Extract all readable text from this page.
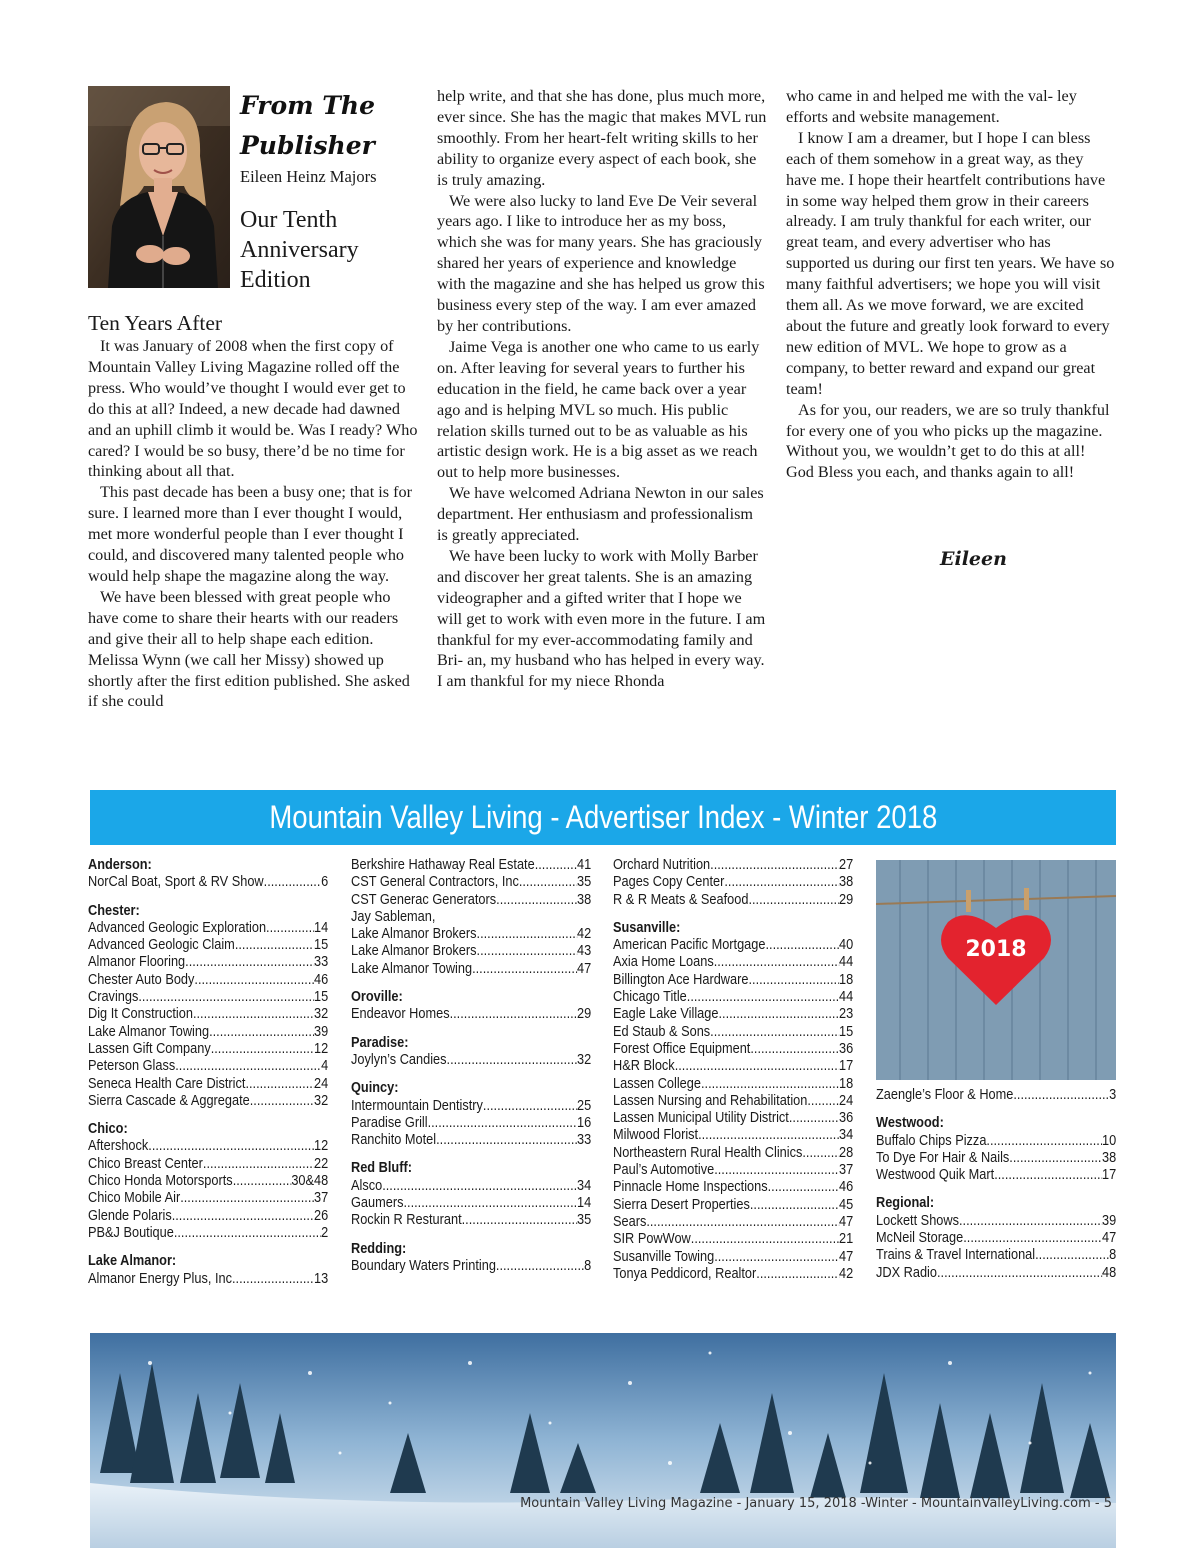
From The
Publisher
Eileen Heinz Majors
Our Tenth
Anniversary
Edition
Ten Years After

It was January of 2008 when the first copy of Mountain Valley Living Magazine rolled off the press. Who would’ve thought I would ever get to do this at all? Indeed, a new decade had dawned and an uphill climb it would be. Was I ready? Who cared? I would be so busy, there’d be no time for thinking about all that.

This past decade has been a busy one; that is for sure. I learned more than I ever thought I would, met more wonderful people than I ever thought I could, and discovered many talented people who would help shape the magazine along the way.

We have been blessed with great people who have come to share their hearts with our readers and give their all to help shape each edition. Melissa Wynn (we call her Missy) showed up shortly after the first edition published. She asked if she could

help write, and that she has done, plus much more, ever since. She has the magic that makes MVL run smoothly. From her heart-felt writing skills to her ability to organize every aspect of each book, she is truly amazing.

We were also lucky to land Eve De Veir several years ago. I like to introduce her as my boss, which she was for many years. She has graciously shared her years of experience and knowledge with the magazine and she has helped us grow this business every step of the way. I am ever amazed by her contributions.

Jaime Vega is another one who came to us early on. After leaving for several years to further his education in the field, he came back over a year ago and is helping MVL so much. His public relation skills turned out to be as valuable as his artistic design work. He is a big asset as we reach out to help more businesses.

We have welcomed Adriana Newton in our sales department. Her enthusiasm and professionalism is greatly appreciated.

We have been lucky to work with Molly Barber and discover her great talents. She is an amazing videographer and a gifted writer that I hope we will get to work with even more in the future. I am thankful for my ever-accommodating family and Bri- an, my husband who has helped in every way. I am thankful for my niece Rhonda

who came in and helped me with the val- ley efforts and website management.

I know I am a dreamer, but I hope I can bless each of them somehow in a great way, as they have me. I hope their heartfelt contributions have in some way helped them grow in their careers already. I am truly thankful for each writer, our great team, and every advertiser who has supported us during our first ten years. We have so many faithful advertisers; we hope you will visit them all. As we move forward, we are excited about the future and greatly look forward to every new edition of MVL. We hope to grow as a company, to better reward and expand our great team!

As for you, our readers, we are so truly thankful for every one of you who picks up the magazine. Without you, we wouldn’t get to do this at all! God Bless you each, and thanks again to all!

Eileen
Mountain Valley Living - Advertiser Index - Winter 2018
Anderson:
NorCal Boat, Sport & RV Show .....	6
Chester:
Advanced Geologic Exploration .....	14
Advanced Geologic Claim .....	15
Almanor Flooring .....	33
Chester Auto Body .....	46
Cravings .....	15
Dig It Construction .....	32
Lake Almanor Towing .....	39
Lassen Gift Company .....	12
Peterson Glass .....	4
Seneca Health Care District .....	24
Sierra Cascade & Aggregate .....	32
Chico:
Aftershock .....	12
Chico Breast Center .....	22
Chico Honda Motorsports .....	30&48
Chico Mobile Air .....	37
Glende Polaris .....	26
PB&J Boutique .....	2
Lake Almanor:
Almanor Energy Plus, Inc .....	13
Berkshire Hathaway Real Estate .....	41
CST General Contractors, Inc .....	35
CST Generac Generators .....	38
Jay Sableman,
Lake Almanor Brokers .....	42
Lake Almanor Brokers .....	43
Lake Almanor Towing .....	47
Oroville:
Endeavor Homes .....	29
Paradise:
Joylyn’s Candies .....	32
Quincy:
Intermountain Dentistry .....	25
Paradise Grill .....	16
Ranchito Motel .....	33
Red Bluff:
Alsco .....	34
Gaumers .....	14
Rockin R Resturant .....	35
Redding:
Boundary Waters Printing .....	8
Orchard Nutrition .....	27
Pages Copy Center .....	38
R & R Meats & Seafood .....	29
Susanville:
American Pacific Mortgage .....	40
Axia Home Loans .....	44
Billington Ace Hardware .....	18
Chicago Title .....	44
Eagle Lake Village .....	23
Ed Staub & Sons .....	15
Forest Office Equipment .....	36
H&R Block .....	17
Lassen College .....	18
Lassen Nursing and Rehabilitation ..... 24
Lassen Municipal Utility District .....	36
Milwood Florist .....	34
Northeastern Rural Health Clinics .....	28
Paul’s Automotive .....	37
Pinnacle Home Inspections .....	46
Sierra Desert Properties .....	45
Sears .....	47
SIR PowWow .....	21
Susanville Towing .....	47
Tonya Peddicord, Realtor .....	42
Zaengle’s Floor & Home .....	3
Westwood:
Buffalo Chips Pizza .....	10
To Dye For Hair & Nails .....	38
Westwood Quik Mart .....	17
Regional:
Lockett Shows .....	39
McNeil Storage .....	47
Trains & Travel International .....	8
JDX Radio .....	48
2018
Mountain Valley Living Magazine - January 15, 2018 -Winter - MountainValleyLiving.com - 5
